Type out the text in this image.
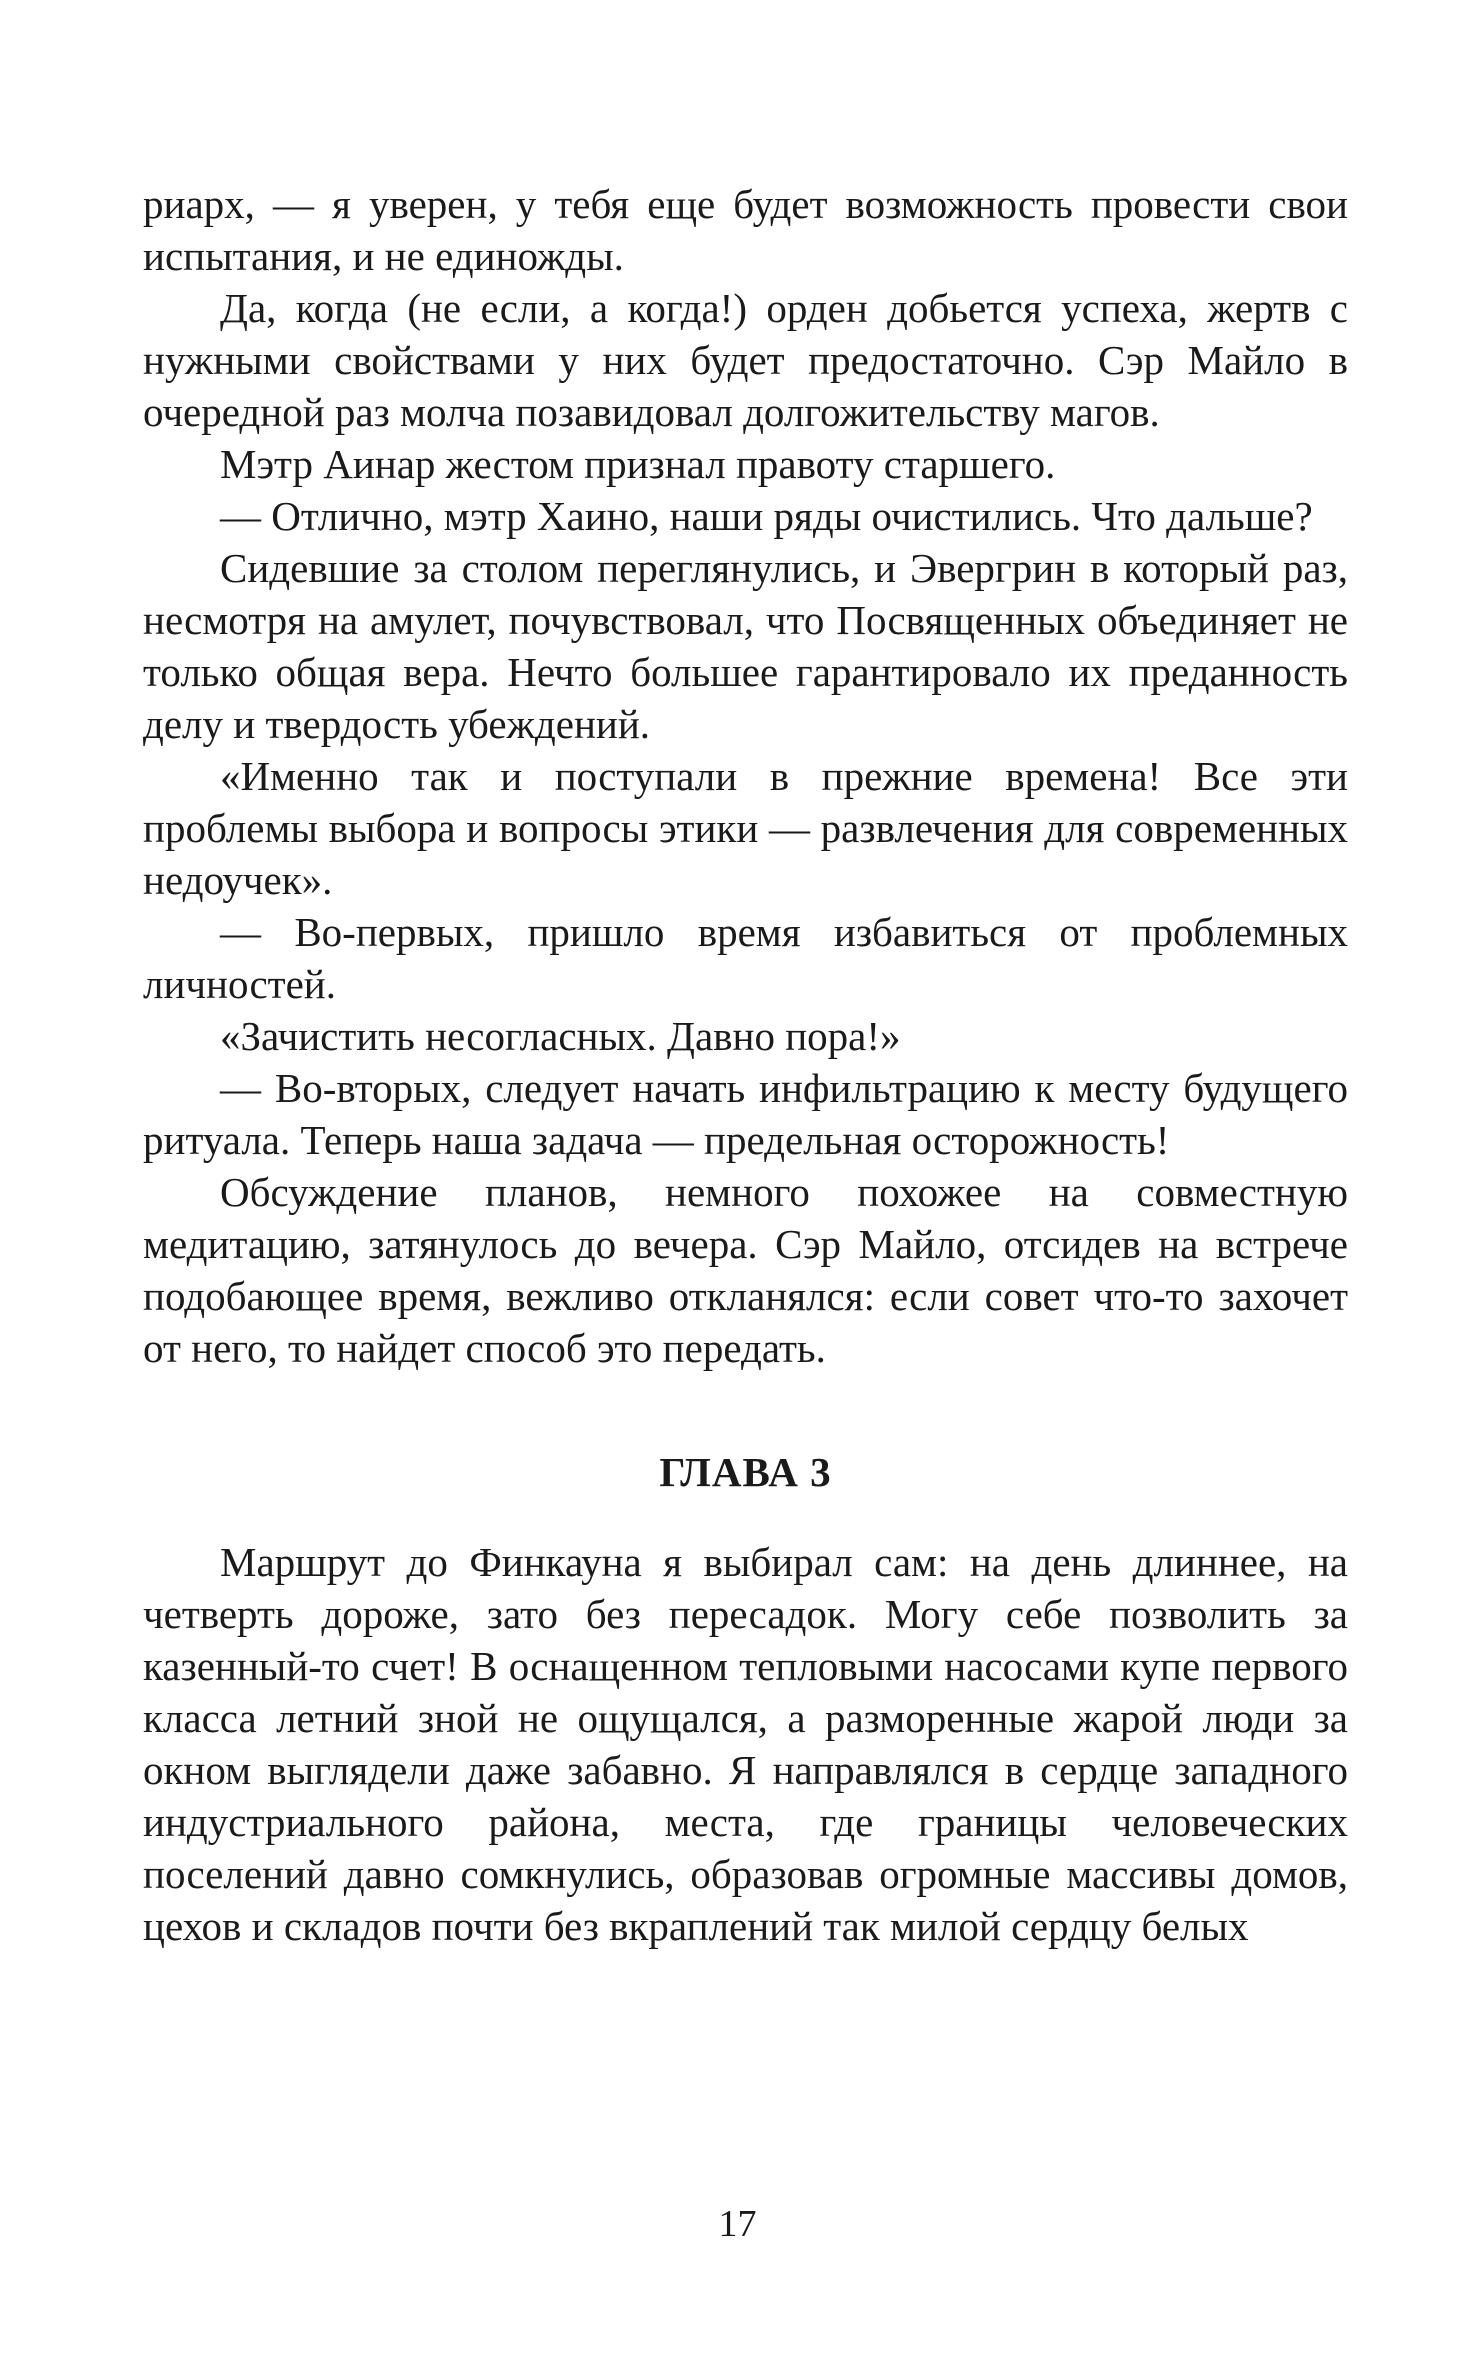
риарх, — я уверен, у тебя еще будет возможность провести свои испытания, и не единожды.

Да, когда (не если, а когда!) орден добьется успеха, жертв с нужными свойствами у них будет предостаточно. Сэр Майло в очередной раз молча позавидовал долгожительству магов.

Мэтр Аинар жестом признал правоту старшего.

— Отлично, мэтр Хаино, наши ряды очистились. Что дальше?

Сидевшие за столом переглянулись, и Эвергрин в который раз, несмотря на амулет, почувствовал, что Посвященных объединяет не только общая вера. Нечто большее гарантировало их преданность делу и твердость убеждений.

«Именно так и поступали в прежние времена! Все эти проблемы выбора и вопросы этики — развлечения для современных недоучек».

— Во-первых, пришло время избавиться от проблемных личностей.

«Зачистить несогласных. Давно пора!»

— Во-вторых, следует начать инфильтрацию к месту будущего ритуала. Теперь наша задача — предельная осторожность!

Обсуждение планов, немного похожее на совместную медитацию, затянулось до вечера. Сэр Майло, отсидев на встрече подобающее время, вежливо откланялся: если совет что-то захочет от него, то найдет способ это передать.

ГЛАВА 3

Маршрут до Финкауна я выбирал сам: на день длиннее, на четверть дороже, зато без пересадок. Могу себе позволить за казенный-то счет! В оснащенном тепловыми насосами купе первого класса летний зной не ощущался, а разморенные жарой люди за окном выглядели даже забавно. Я направлялся в сердце западного индустриального района, места, где границы человеческих поселений давно сомкнулись, образовав огромные массивы домов, цехов и складов почти без вкраплений так милой сердцу белых

17
